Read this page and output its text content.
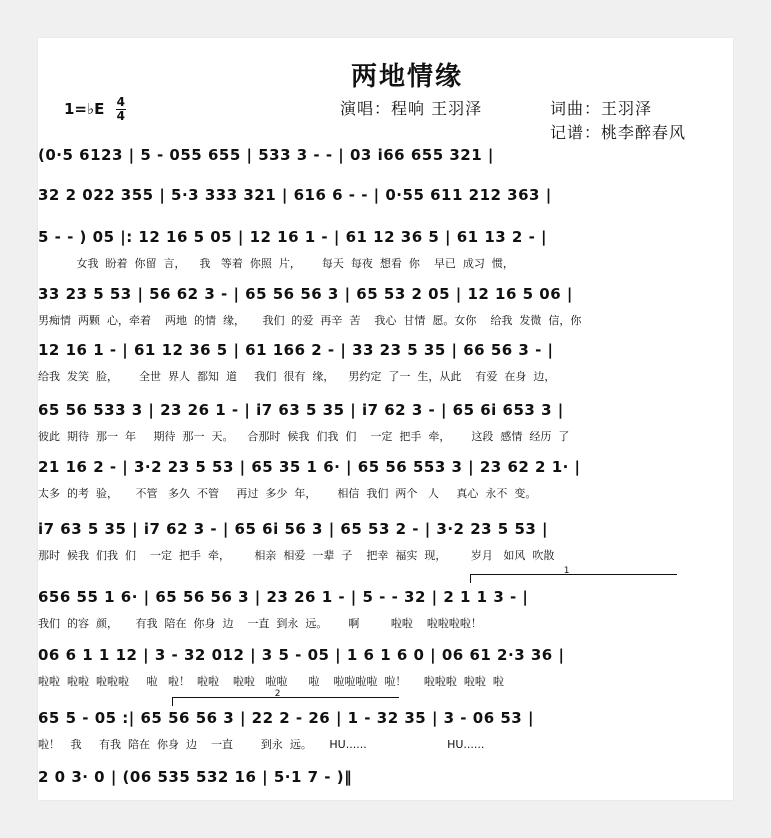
两地情缘
1=♭E $\frac{4}{4}$	演唱：程响 王羽泽	词曲：王羽泽
记谱：桃李醉春风
(0·5 6123 | 5 - 055 655 | 533 3 - - | 03 i66 655 321 |
32 2 022 355 | 5·3 333 321 | 616 6 - - | 0·55 611 212 363 |
5 - - ) 05 |: 12 16 5 05 | 12 16 1 - | 61 12 36 5 | 61 13 2 - |
女我  盼着  你留  言，    我   等着  你照  片，      每天  每夜  想看  你    早已  成习  惯，
33 23 5 53 | 56 62 3 - | 65 56 56 3 | 65 53 2 05 | 12 16 5 06 |
男痴情  两颗  心，牵着    两地  的情  缘，     我们  的爱  再辛  苦    我心  甘情  愿。女你    给我  发微  信，你
12 16 1 - | 61 12 36 5 | 61 166 2 - | 33 23 5 35 | 66 56 3 - |
给我  发笑  脸，      全世  界人  都知  道     我们  很有  缘，    男约定  了一  生，从此    有爱  在身  边，
65 56 533 3 | 23 26 1 - | i7 63 5 35 | i7 62 3 - | 65 6i 653 3 |
彼此  期待  那一  年     期待  那一  天。    合那时  候我  们我  们    一定  把手  牵，      这段  感情  经历  了
21 16 2 - | 3·2 23 5 53 | 65 35 1 6· | 65 56 553 3 | 23 62 2 1· |
太多  的考  验，     不管   多久  不管     再过  多少  年，      相信  我们  两个   人     真心  永不  变。
i7 63 5 35 | i7 62 3 - | 65 6i 56 3 | 65 53 2 - | 3·2 23 5 53 |
那时  候我  们我  们    一定  把手  牵，       相亲  相爱  一辈  子    把幸  福实  现，       岁月   如风  吹散
656 55 1 6· | 65 56 56 3 | 23 26 1 - | 5 - - 32 | 2 1 1 3 - |
我们  的容  颜，     有我  陪在  你身  边    一直  到永  远。      啊         啦啦    啦啦啦啦！
06 6 1 1 12 | 3 - 32 012 | 3 5 - 05 | 1 6 1 6 0 | 06 61 2·3 36 |
啦啦  啦啦  啦啦啦     啦   啦！  啦啦    啦啦   啦啦      啦    啦啦啦啦  啦！     啦啦啦  啦啦  啦
65 5 - 05 :| 65 56 56 3 | 22 2 - 26 | 1 - 32 35 | 3 - 06 53 |
啦！   我     有我  陪在  你身  边    一直        到永  远。     HU......                       HU......
2 0 3· 0 | (06 535 532 16 | 5·1 7 - )‖
1
2
